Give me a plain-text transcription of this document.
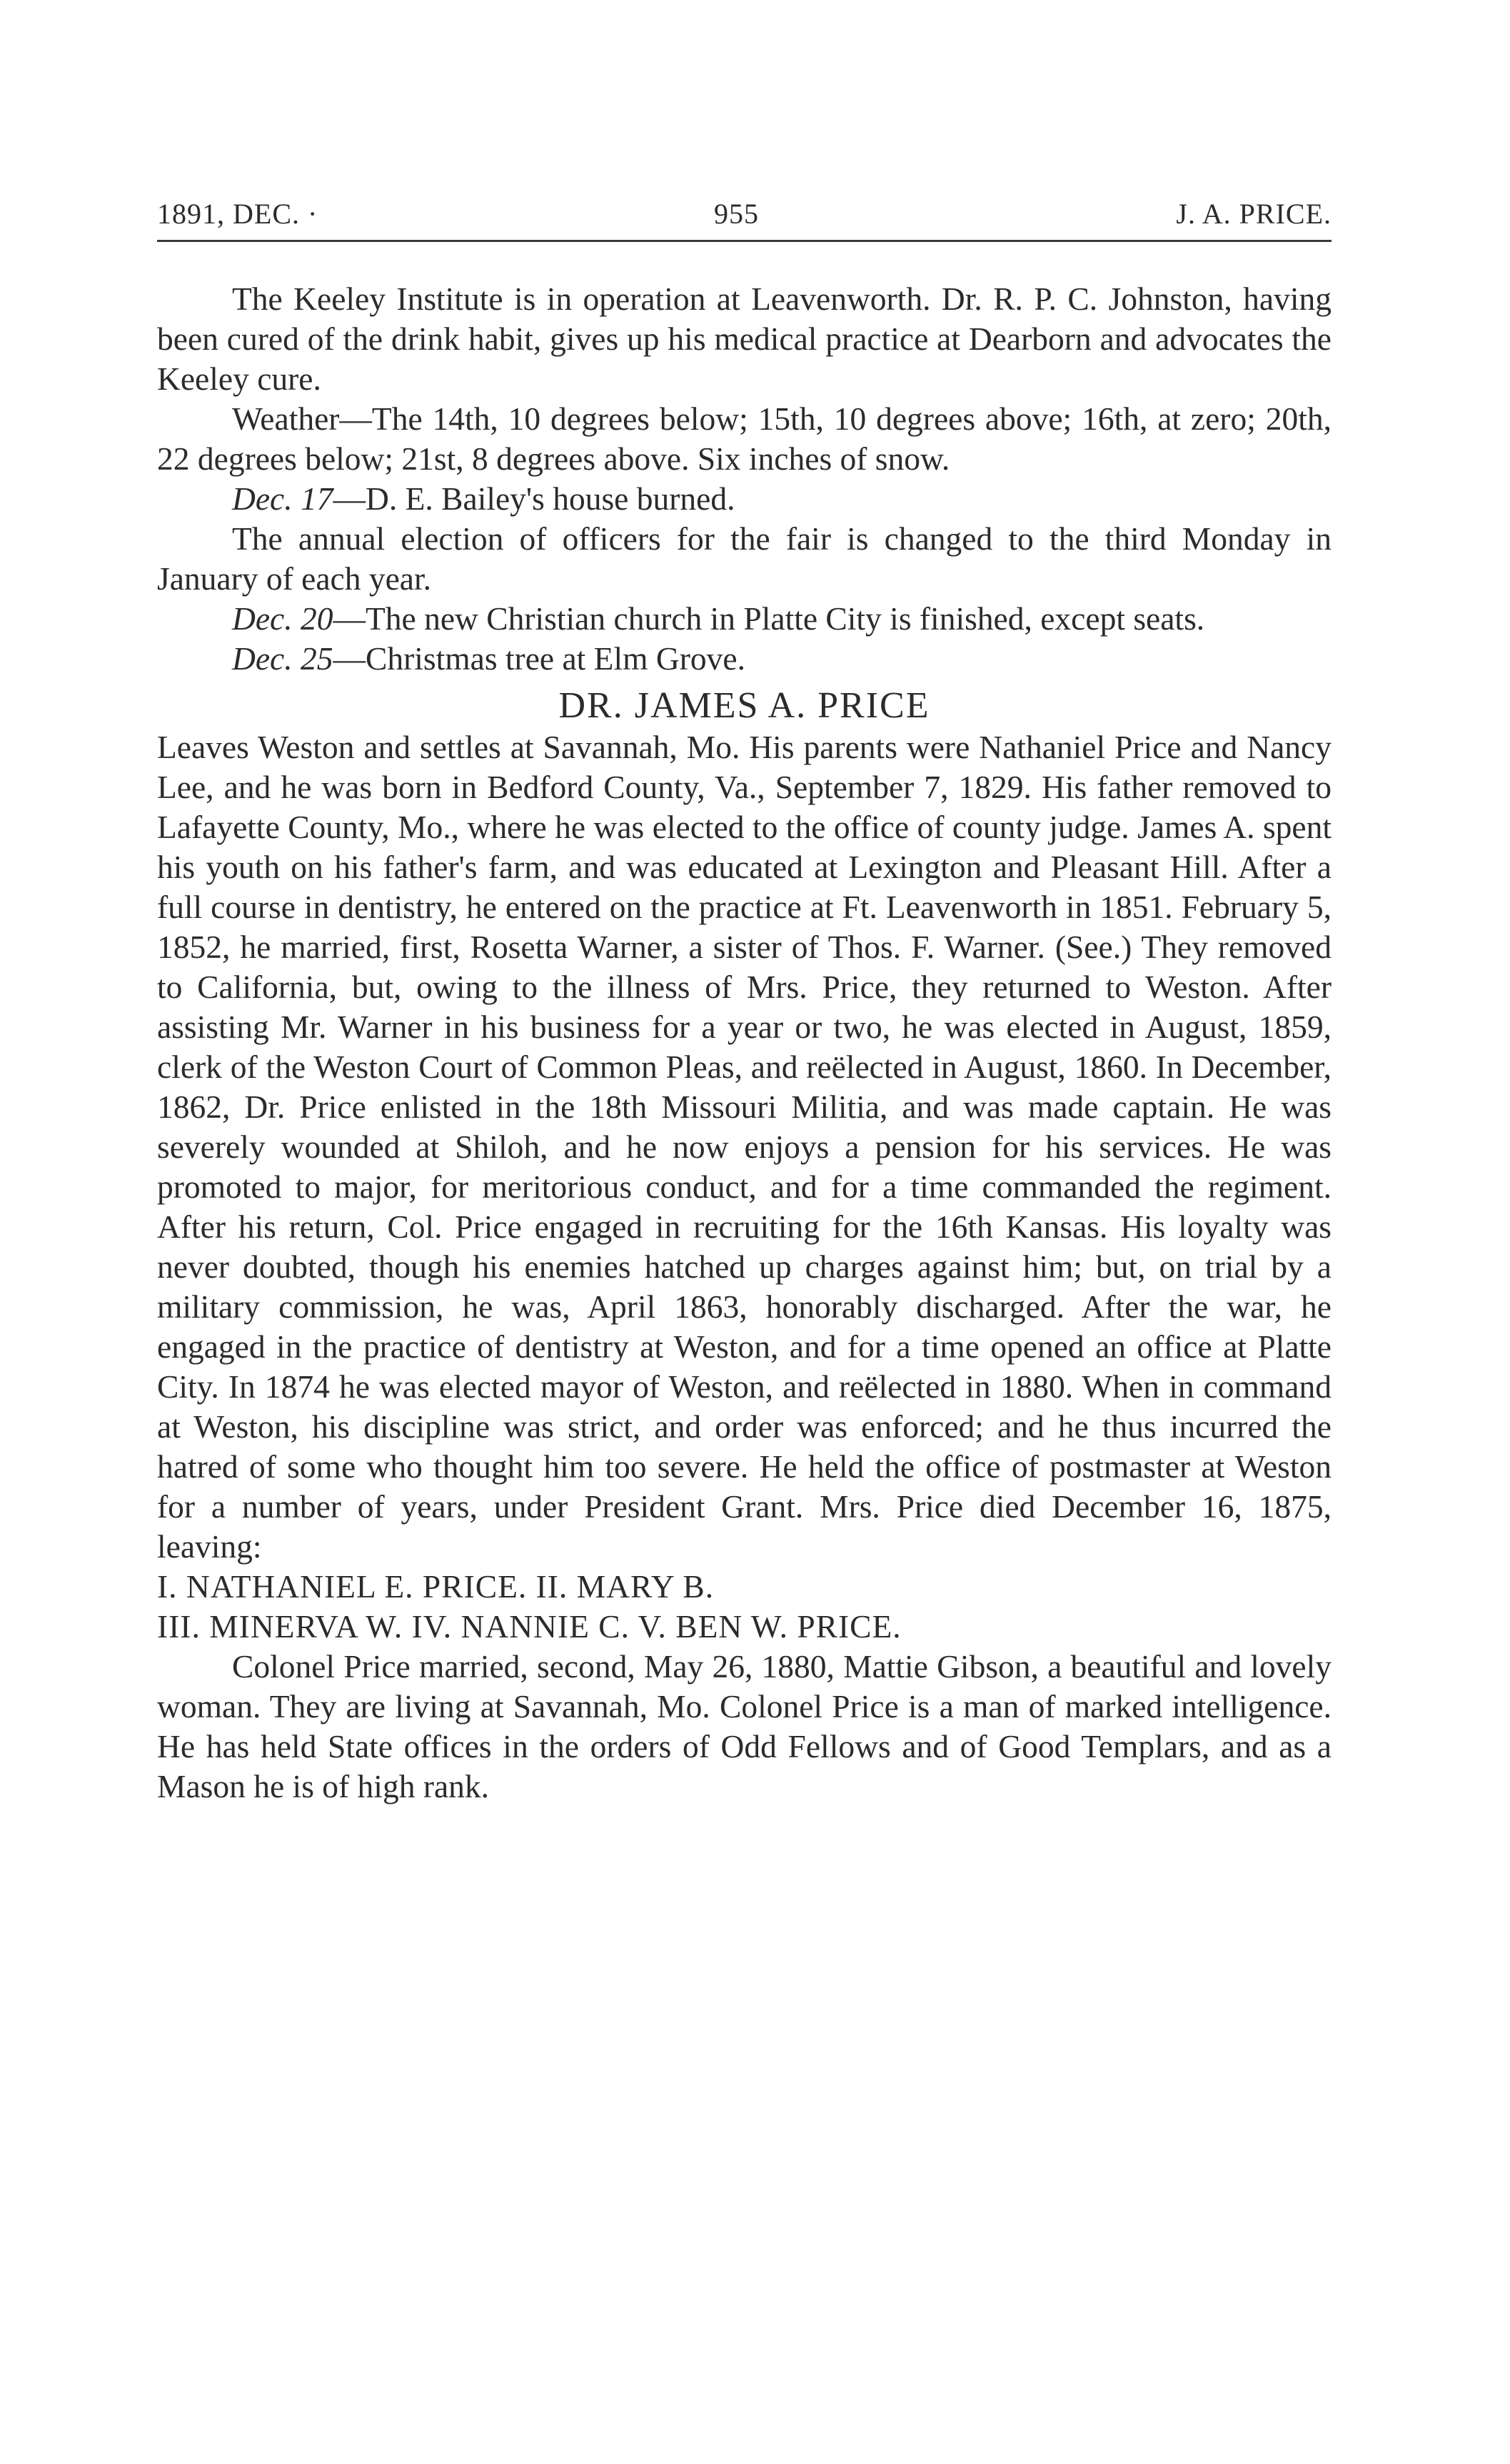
1891, DEC. ·	955	J. A. PRICE.

The Keeley Institute is in operation at Leavenworth. Dr. R. P. C. Johnston, having been cured of the drink habit, gives up his medical practice at Dearborn and advocates the Keeley cure.

Weather—The 14th, 10 degrees below; 15th, 10 degrees above; 16th, at zero; 20th, 22 degrees below; 21st, 8 degrees above. Six inches of snow.

Dec. 17—D. E. Bailey's house burned.

The annual election of officers for the fair is changed to the third Monday in January of each year.

Dec. 20—The new Christian church in Platte City is finished, except seats.

Dec. 25—Christmas tree at Elm Grove.

DR. JAMES A. PRICE

Leaves Weston and settles at Savannah, Mo. His parents were Nathaniel Price and Nancy Lee, and he was born in Bedford County, Va., September 7, 1829. His father removed to Lafayette County, Mo., where he was elected to the office of county judge. James A. spent his youth on his father's farm, and was educated at Lexington and Pleasant Hill. After a full course in dentistry, he entered on the practice at Ft. Leavenworth in 1851. February 5, 1852, he married, first, Rosetta Warner, a sister of Thos. F. Warner. (See.) They removed to California, but, owing to the illness of Mrs. Price, they returned to Weston. After assisting Mr. Warner in his business for a year or two, he was elected in August, 1859, clerk of the Weston Court of Common Pleas, and reëlected in August, 1860. In December, 1862, Dr. Price enlisted in the 18th Missouri Militia, and was made captain. He was severely wounded at Shiloh, and he now enjoys a pension for his services. He was promoted to major, for meritorious conduct, and for a time commanded the regiment. After his return, Col. Price engaged in recruiting for the 16th Kansas. His loyalty was never doubted, though his enemies hatched up charges against him; but, on trial by a military commission, he was, April 1863, honorably discharged. After the war, he engaged in the practice of dentistry at Weston, and for a time opened an office at Platte City. In 1874 he was elected mayor of Weston, and reëlected in 1880. When in command at Weston, his discipline was strict, and order was enforced; and he thus incurred the hatred of some who thought him too severe. He held the office of postmaster at Weston for a number of years, under President Grant. Mrs. Price died December 16, 1875, leaving:

I. NATHANIEL E. PRICE. II. MARY B.

III. MINERVA W. IV. NANNIE C. V. BEN W. PRICE.

Colonel Price married, second, May 26, 1880, Mattie Gibson, a beautiful and lovely woman. They are living at Savannah, Mo. Colonel Price is a man of marked intelligence. He has held State offices in the orders of Odd Fellows and of Good Templars, and as a Mason he is of high rank.
